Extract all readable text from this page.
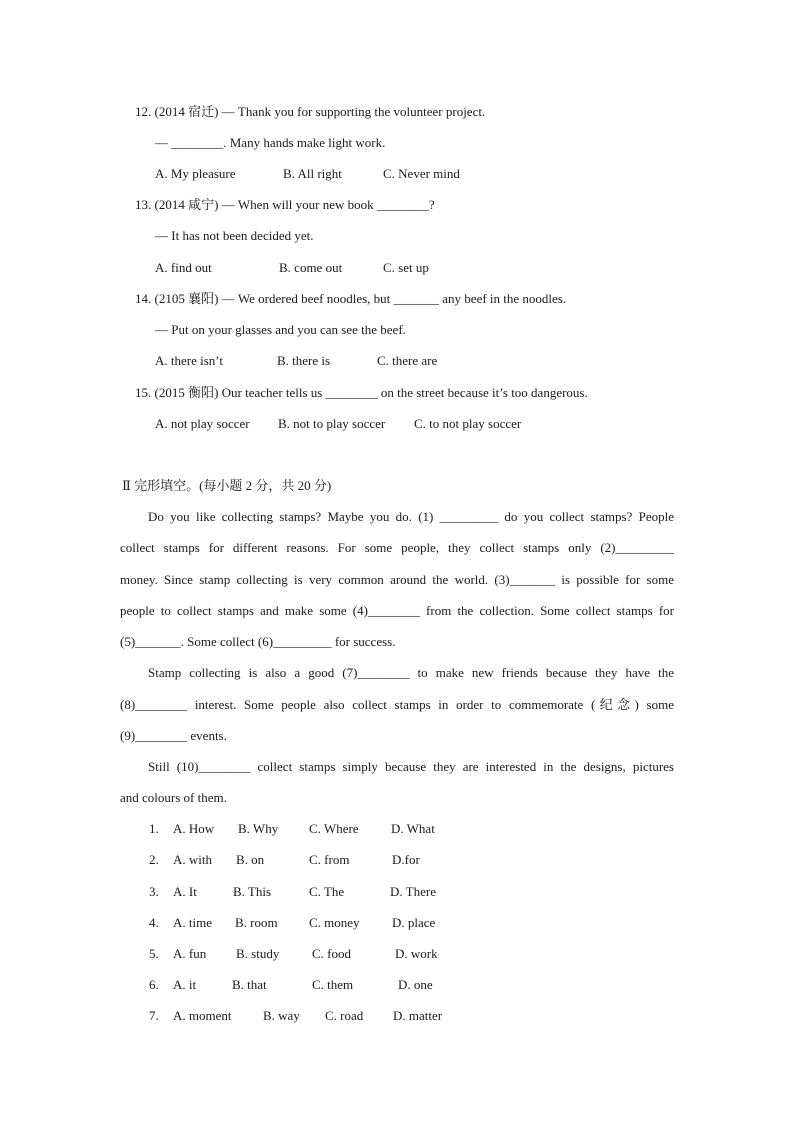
12. (2014 宿迁) — Thank you for supporting the volunteer project.
— ________. Many hands make light work.
A. My pleasure	B. All right	C. Never mind
13. (2014 咸宁) — When will your new book ________?
— It has not been decided yet.
A. find out	B. come out	C. set up
14. (2105 襄阳) — We ordered beef noodles, but _______ any beef in the noodles.
— Put on your glasses and you can see the beef.
A. there isn’t	B. there is	C. there are
15. (2015 衡阳) Our teacher tells us ________ on the street because it’s too dangerous.
A. not play soccer B. not to play soccer C. to not play soccer
Ⅱ 完形填空。(每小题 2 分，共 20 分)
Do you like collecting stamps? Maybe you do. (1) _________ do you collect stamps? People
collect stamps for different reasons. For some people, they collect stamps only (2)_________
money. Since stamp collecting is very common around the world. (3)_______ is possible for some
people to collect stamps and make some (4)________ from the collection. Some collect stamps for
(5)_______. Some collect (6)_________ for success.
Stamp collecting is also a good (7)________ to make new friends because they have the
(8)________ interest. Some people also collect stamps in order to commemorate (纪念) some
(9)________ events.
Still (10)________ collect stamps simply because they are interested in the designs, pictures
and colours of them.
1. A. How B. Why C. Where D. What
2. A. with B. on	C. from	D.for
3. A. It	B. This	C. The	D. There
4. A. time B. room C. money D. place
5. A. fun B. study	C. food	D. work
6. A. it	B. that	C. them	D. one
7. A. moment B. way C. road D. matter
